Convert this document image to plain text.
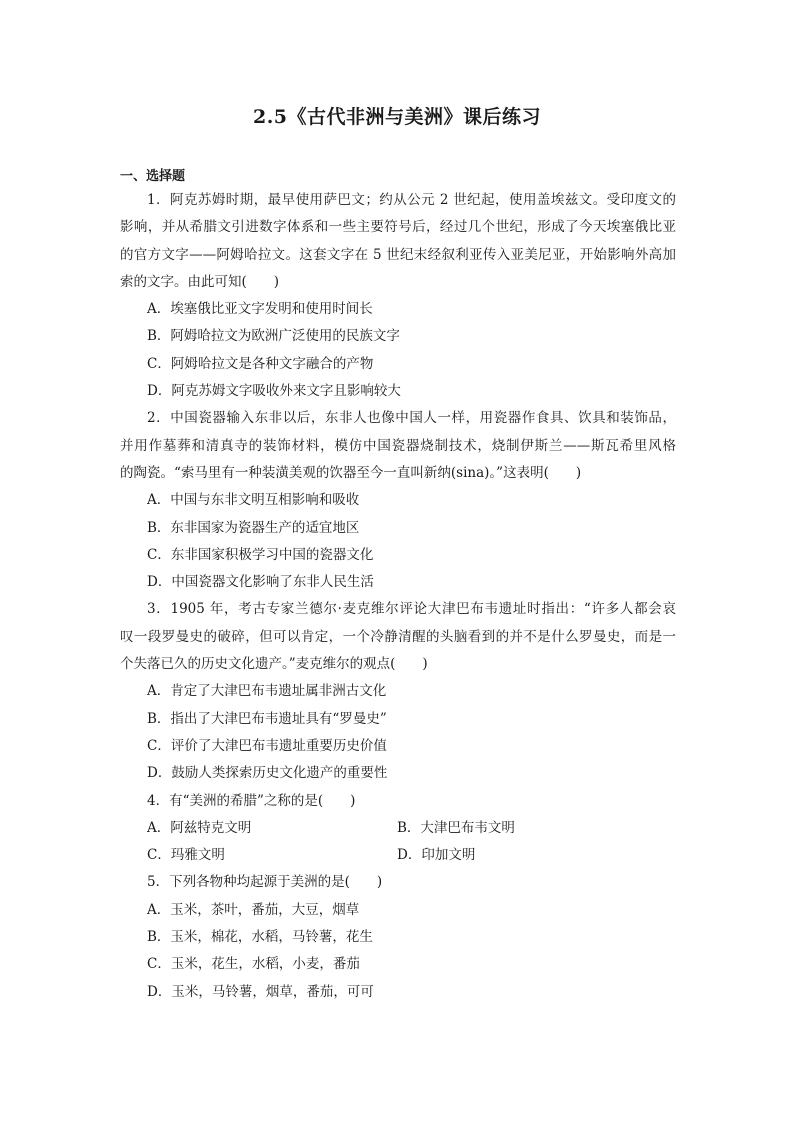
2.5《古代非洲与美洲》课后练习
一、选择题
1．阿克苏姆时期，最早使用萨巴文；约从公元 2 世纪起，使用盖埃兹文。受印度文的
影响，并从希腊文引进数字体系和一些主要符号后，经过几个世纪，形成了今天埃塞俄比亚
的官方文字——阿姆哈拉文。这套文字在 5 世纪末经叙利亚传入亚美尼亚，开始影响外高加
索的文字。由此可知(　　)
A．埃塞俄比亚文字发明和使用时间长
B．阿姆哈拉文为欧洲广泛使用的民族文字
C．阿姆哈拉文是各种文字融合的产物
D．阿克苏姆文字吸收外来文字且影响较大
2．中国瓷器输入东非以后，东非人也像中国人一样，用瓷器作食具、饮具和装饰品，
并用作墓葬和清真寺的装饰材料，模仿中国瓷器烧制技术，烧制伊斯兰——斯瓦希里风格
的陶瓷。“索马里有一种装潢美观的饮器至今一直叫新纳(sina)。”这表明(　　)
A．中国与东非文明互相影响和吸收
B．东非国家为瓷器生产的适宜地区
C．东非国家积极学习中国的瓷器文化
D．中国瓷器文化影响了东非人民生活
3．1905 年，考古专家兰德尔·麦克维尔评论大津巴布韦遗址时指出：“许多人都会哀
叹一段罗曼史的破碎，但可以肯定，一个冷静清醒的头脑看到的并不是什么罗曼史，而是一
个失落已久的历史文化遗产。”麦克维尔的观点(　　)
A．肯定了大津巴布韦遗址属非洲古文化
B．指出了大津巴布韦遗址具有“罗曼史”
C．评价了大津巴布韦遗址重要历史价值
D．鼓励人类探索历史文化遗产的重要性
4．有“美洲的希腊”之称的是(　　)
A．阿兹特克文明	B．大津巴布韦文明
C．玛雅文明	D．印加文明
5．下列各物种均起源于美洲的是(　　)
A．玉米，茶叶，番茄，大豆，烟草
B．玉米，棉花，水稻，马铃薯，花生
C．玉米，花生，水稻，小麦，番茄
D．玉米，马铃薯，烟草，番茄，可可
